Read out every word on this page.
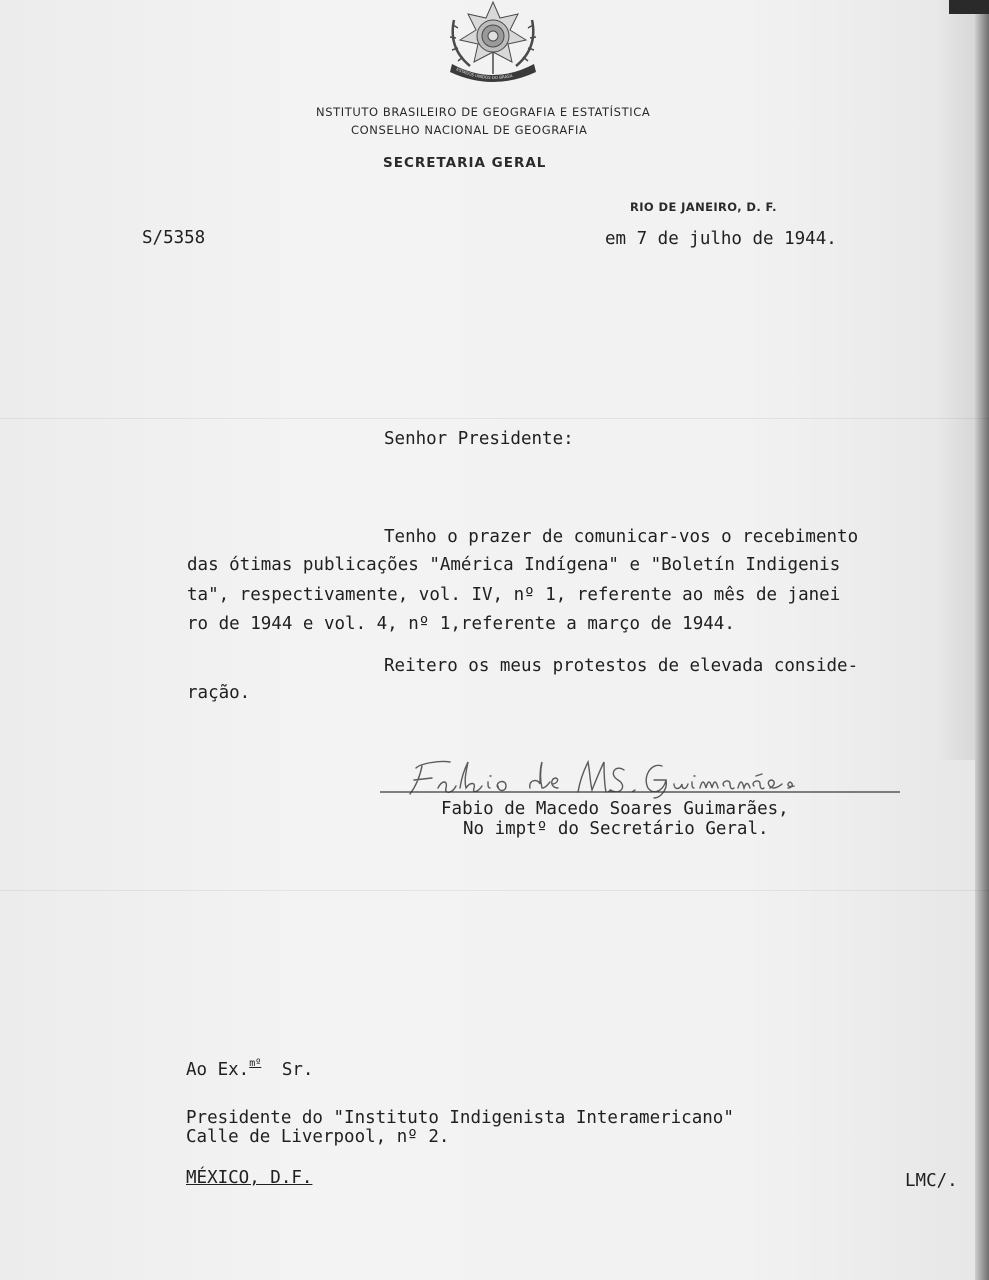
ESTADOS UNIDOS DO BRASIL
NSTITUTO BRASILEIRO DE GEOGRAFIA E ESTATÍSTICA
CONSELHO NACIONAL DE GEOGRAFIA
SECRETARIA GERAL
RIO DE JANEIRO, D. F.
S/5358	em 7 de julho de 1944.
Senhor Presidente:
Tenho o prazer de comunicar-vos o recebimento
das ótimas publicações "América Indígena" e "Boletín Indigenis
ta", respectivamente, vol. IV, nº 1, referente ao mês de janei
ro de 1944 e vol. 4, nº 1,referente a março de 1944.
Reitero os meus protestos de elevada conside-
ração.
Fabio de M. S. Guimarães
Fabio de Macedo Soares Guimarães,
No imptº do Secretário Geral.
Ao Ex.$^{mº}$ Sr.
Presidente do "Instituto Indigenista Interamericano"
Calle de Liverpool, nº 2.
MÉXICO, D.F.	LMC/.
